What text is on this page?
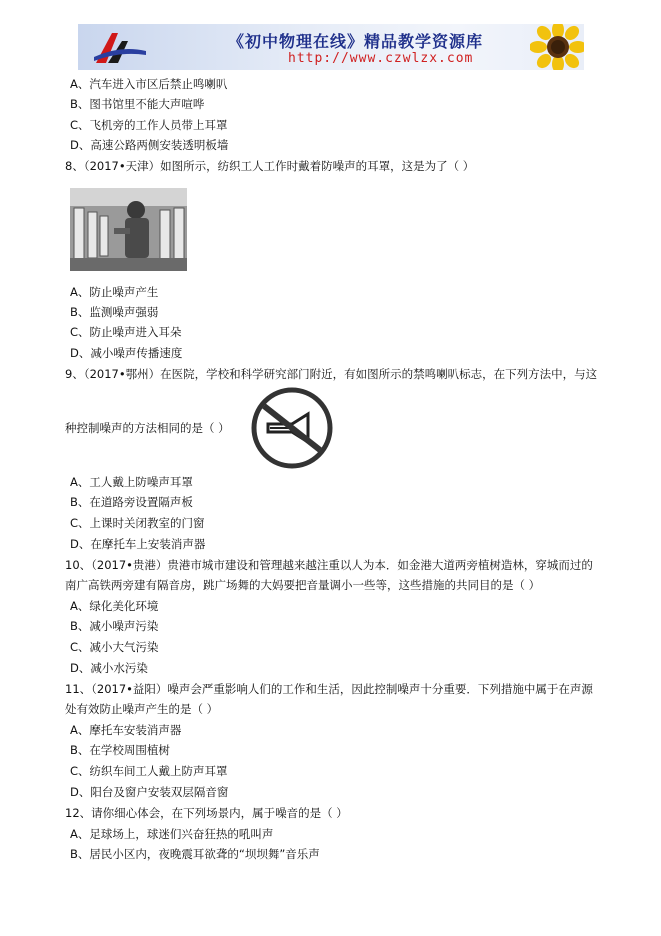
《初中物理在线》精品教学资源库
http://www.czwlzx.com
A、汽车进入市区后禁止鸣喇叭
B、图书馆里不能大声喧哗
C、飞机旁的工作人员带上耳罩
D、高速公路两侧安装透明板墙
8、（2017•天津）如图所示，纺织工人工作时戴着防噪声的耳罩，这是为了（ ）
A、防止噪声产生
B、监测噪声强弱
C、防止噪声进入耳朵
D、减小噪声传播速度
9、（2017•鄂州）在医院，学校和科学研究部门附近，有如图所示的禁鸣喇叭标志，在下列方法中，与这
种控制噪声的方法相同的是（ ）
A、工人戴上防噪声耳罩
B、在道路旁设置隔声板
C、上课时关闭教室的门窗
D、在摩托车上安装消声器
10、（2017•贵港）贵港市城市建设和管理越来越注重以人为本．如金港大道两旁植树造林，穿城而过的
南广高铁两旁建有隔音房，跳广场舞的大妈要把音量调小一些等，这些措施的共同目的是（ ）
A、绿化美化环境
B、减小噪声污染
C、减小大气污染
D、减小水污染
11、（2017•益阳）噪声会严重影响人们的工作和生活，因此控制噪声十分重要．下列措施中属于在声源
处有效防止噪声产生的是（ ）
A、摩托车安装消声器
B、在学校周围植树
C、纺织车间工人戴上防声耳罩
D、阳台及窗户安装双层隔音窗
12、请你细心体会，在下列场景内，属于噪音的是（ ）
A、足球场上，球迷们兴奋狂热的吼叫声
B、居民小区内，夜晚震耳欲聋的“坝坝舞”音乐声
